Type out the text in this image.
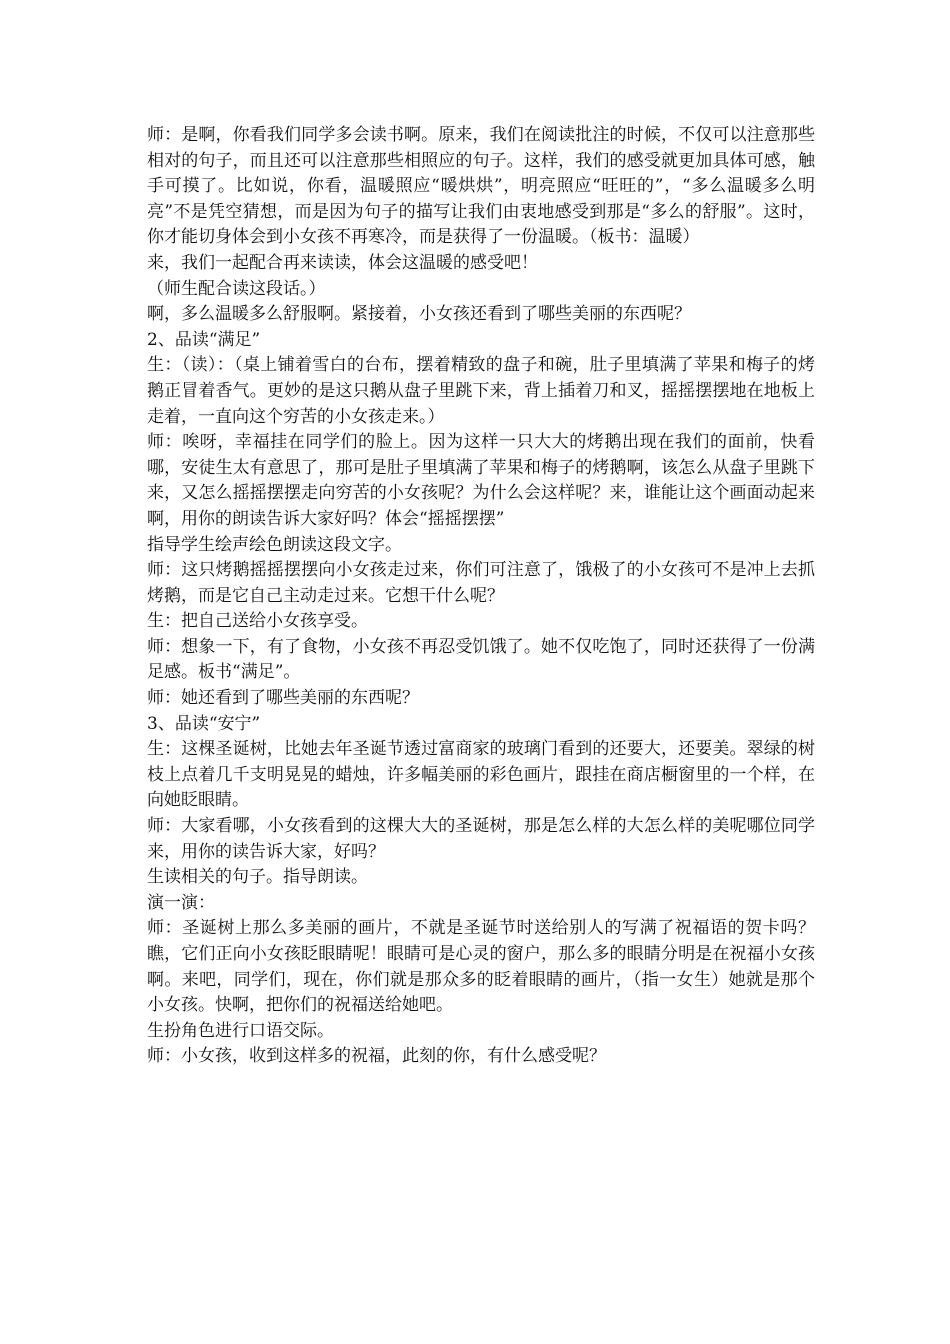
师：是啊，你看我们同学多会读书啊。原来，我们在阅读批注的时候，不仅可以注意那些相对的句子，而且还可以注意那些相照应的句子。这样，我们的感受就更加具体可感，触手可摸了。比如说，你看，温暖照应“暖烘烘”，明亮照应“旺旺的”，“多么温暖多么明亮”不是凭空猜想，而是因为句子的描写让我们由衷地感受到那是“多么的舒服”。这时，你才能切身体会到小女孩不再寒冷，而是获得了一份温暖。（板书：温暖）

来，我们一起配合再来读读，体会这温暖的感受吧！

（师生配合读这段话。）

啊，多么温暖多么舒服啊。紧接着，小女孩还看到了哪些美丽的东西呢？

2、品读“满足”

生：（读）：（桌上铺着雪白的台布，摆着精致的盘子和碗，肚子里填满了苹果和梅子的烤鹅正冒着香气。更妙的是这只鹅从盘子里跳下来，背上插着刀和叉，摇摇摆摆地在地板上走着，一直向这个穷苦的小女孩走来。）

师：唉呀，幸福挂在同学们的脸上。因为这样一只大大的烤鹅出现在我们的面前，快看哪，安徒生太有意思了，那可是肚子里填满了苹果和梅子的烤鹅啊，该怎么从盘子里跳下来，又怎么摇摇摆摆走向穷苦的小女孩呢？为什么会这样呢？来，谁能让这个画面动起来啊，用你的朗读告诉大家好吗？体会“摇摇摆摆”

指导学生绘声绘色朗读这段文字。

师：这只烤鹅摇摇摆摆向小女孩走过来，你们可注意了，饿极了的小女孩可不是冲上去抓烤鹅，而是它自己主动走过来。它想干什么呢？

生：把自己送给小女孩享受。

师：想象一下，有了食物，小女孩不再忍受饥饿了。她不仅吃饱了，同时还获得了一份满足感。板书“满足”。

师：她还看到了哪些美丽的东西呢？

3、品读“安宁”

生：这棵圣诞树，比她去年圣诞节透过富商家的玻璃门看到的还要大，还要美。翠绿的树枝上点着几千支明晃晃的蜡烛，许多幅美丽的彩色画片，跟挂在商店橱窗里的一个样，在向她眨眼睛。

师：大家看哪，小女孩看到的这棵大大的圣诞树，那是怎么样的大怎么样的美呢哪位同学来，用你的读告诉大家，好吗？

生读相关的句子。指导朗读。

演一演：

师：圣诞树上那么多美丽的画片，不就是圣诞节时送给别人的写满了祝福语的贺卡吗？瞧，它们正向小女孩眨眼睛呢！眼睛可是心灵的窗户，那么多的眼睛分明是在祝福小女孩啊。来吧，同学们，现在，你们就是那众多的眨着眼睛的画片，（指一女生）她就是那个小女孩。快啊，把你们的祝福送给她吧。

生扮角色进行口语交际。

师：小女孩，收到这样多的祝福，此刻的你，有什么感受呢？
